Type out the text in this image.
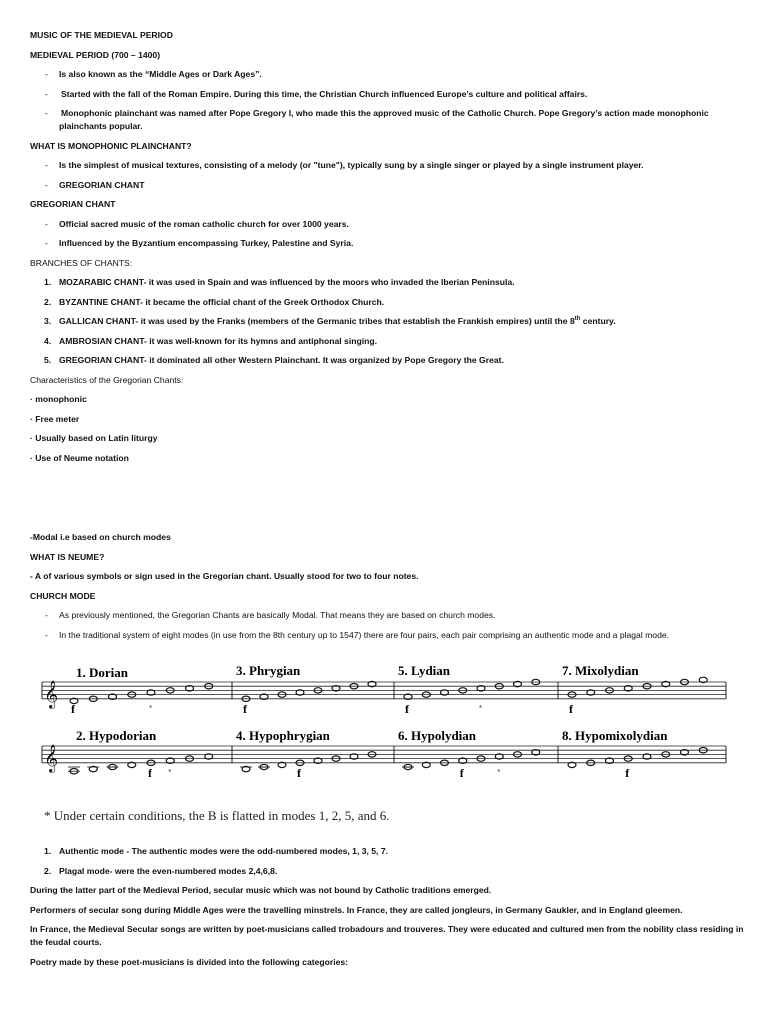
MUSIC OF THE MEDIEVAL PERIOD
MEDIEVAL PERIOD (700 – 1400)
- Is also known as the “Middle Ages or Dark Ages”.
- Started with the fall of the Roman Empire. During this time, the Christian Church influenced Europe’s culture and political affairs.
- Monophonic plainchant was named after Pope Gregory I, who made this the approved music of the Catholic Church. Pope Gregory’s action made monophonic
plainchants popular.
WHAT IS MONOPHONIC PLAINCHANT?
- Is the simplest of musical textures, consisting of a melody (or "tune"), typically sung by a single singer or played by a single instrument player.
- GREGORIAN CHANT
GREGORIAN CHANT
- Official sacred music of the roman catholic church for over 1000 years.
- Influenced by the Byzantium encompassing Turkey, Palestine and Syria.
BRANCHES OF CHANTS:
1. MOZARABIC CHANT- it was used in Spain and was influenced by the moors who invaded the Iberian Peninsula.
2. BYZANTINE CHANT- it became the official chant of the Greek Orthodox Church.
3. GALLICAN CHANT- it was used by the Franks (members of the Germanic tribes that establish the Frankish empires) until the 8th century.
4. AMBROSIAN CHANT- it was well-known for its hymns and antiphonal singing.
5. GREGORIAN CHANT- it dominated all other Western Plainchant. It was organized by Pope Gregory the Great.
Characteristics of the Gregorian Chants:
· monophonic
· Free meter
· Usually based on Latin liturgy
· Use of Neume notation
-Modal i.e based on church modes
WHAT IS NEUME?
- A of various symbols or sign used in the Gregorian chant. Usually stood for two to four notes.
CHURCH MODE
- As previously mentioned, the Gregorian Chants are basically Modal. That means they are based on church modes.
- In the traditional system of eight modes (in use from the 8th century up to 1547) there are four pairs, each pair comprising an authentic mode and a plagal mode.
𝄞
f	*	f	f	*	f
𝄞
f *	f	f	*	f
1. Dorian	3. Phrygian	5. Lydian	7. Mixolydian
2. Hypodorian	4. Hypophrygian	6. Hypolydian	8. Hypomixolydian
* Under certain conditions, the B is flatted in modes 1, 2, 5, and 6.
1. Authentic mode - The authentic modes were the odd-numbered modes, 1, 3, 5, 7.
2. Plagal mode- were the even-numbered modes 2,4,6,8.
During the latter part of the Medieval Period, secular music which was not bound by Catholic traditions emerged.
Performers of secular song during Middle Ages were the travelling minstrels. In France, they are called jongleurs, in Germany Gaukler, and in England gleemen.
In France, the Medieval Secular songs are written by poet-musicians called trobadours and trouveres. They were educated and cultured men from the nobility class residing in
the feudal courts.
Poetry made by these poet-musicians is divided into the following categories:
